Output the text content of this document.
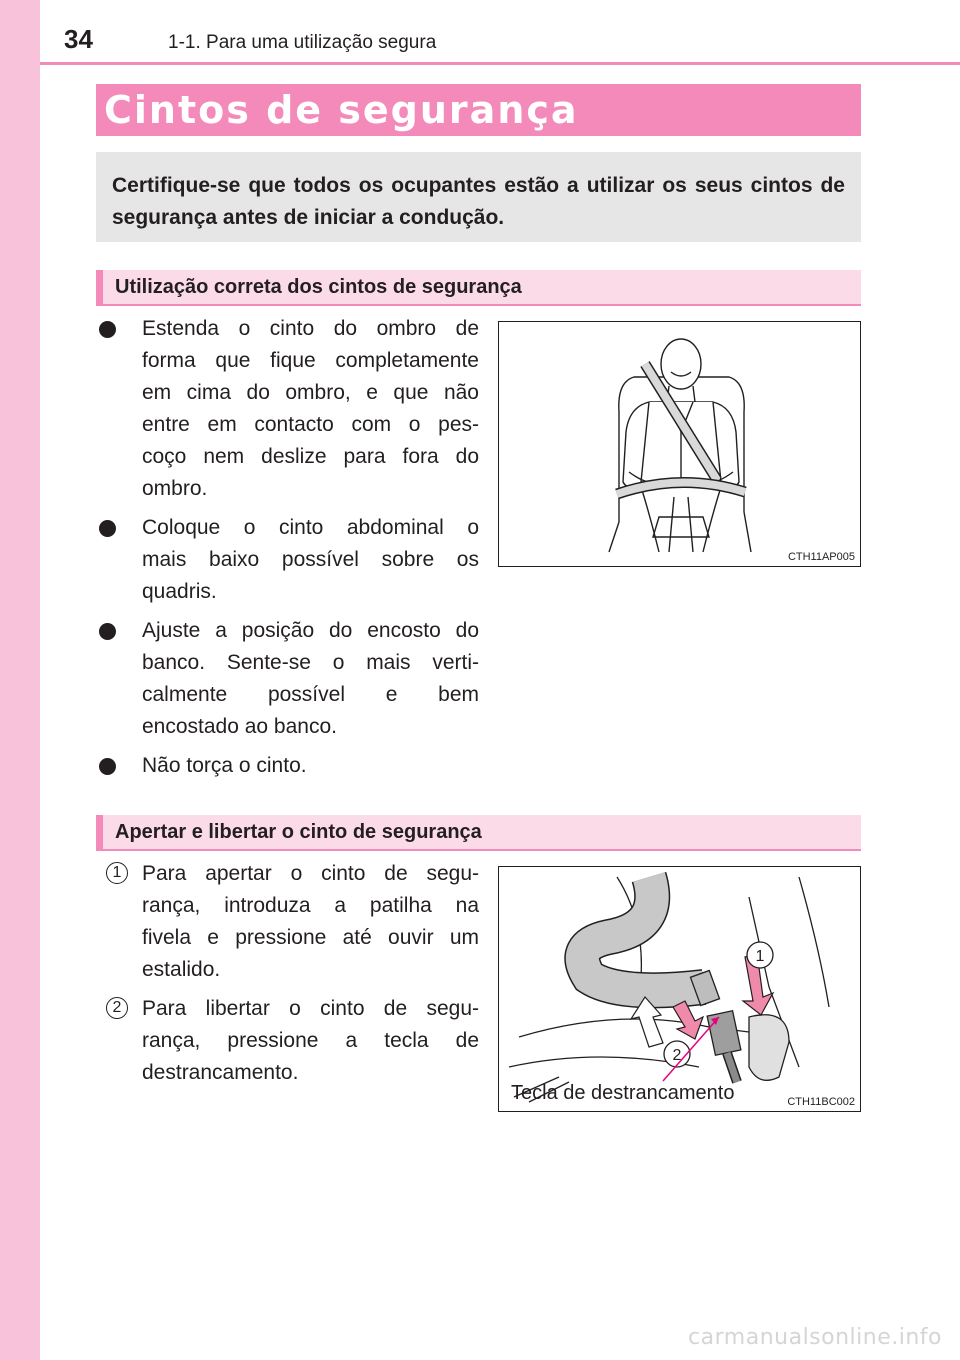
34	1-1. Para uma utilização segura
Cintos de segurança

Certifique-se que todos os ocupantes estão a utilizar os seus cintos de segurança antes de iniciar a condução.

Utilização correta dos cintos de segurança
Estenda o cinto do ombro de
forma que fique completamente
em cima do ombro, e que não
entre em contacto com o pes-
coço nem deslize para fora do
ombro.
Coloque o cinto abdominal o
mais baixo possível sobre os
quadris.
Ajuste a posição do encosto do
banco. Sente-se o mais verti-
calmente possível e bem
encostado ao banco.
Não torça o cinto.
CTH11AP005
Apertar e libertar o cinto de segurança
1 Para apertar o cinto de segu-
rança, introduza a patilha na
fivela e pressione até ouvir um
estalido.
2 Para libertar o cinto de segu-
rança, pressione a tecla de
destrancamento.
1
2
Tecla de destrancamento	CTH11BC002
carmanualsonline.info
